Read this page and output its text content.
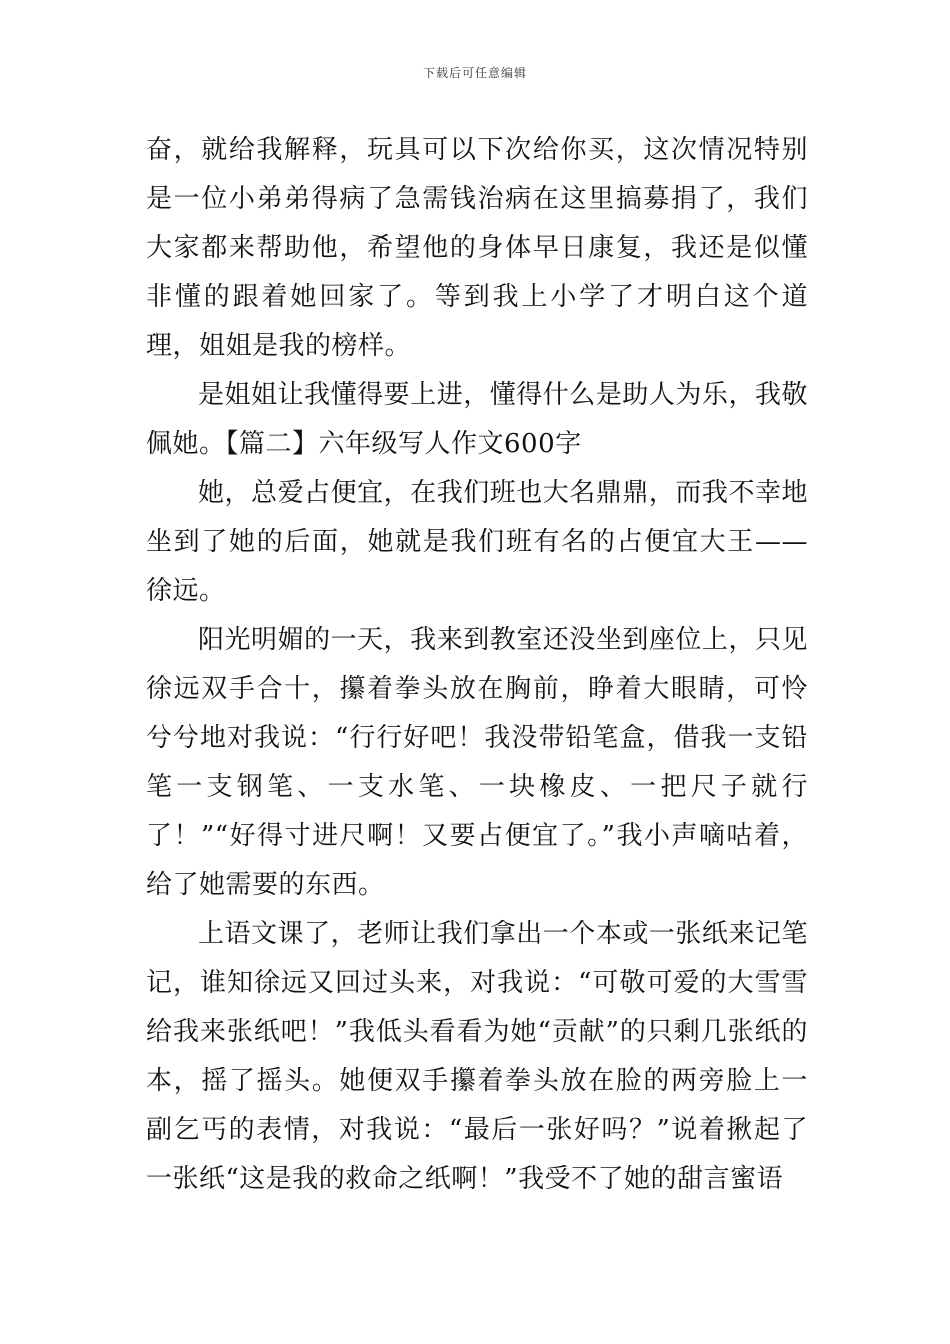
下载后可任意编辑

奋，就给我解释，玩具可以下次给你买，这次情况特别是一位小弟弟得病了急需钱治病在这里搞募捐了，我们大家都来帮助他，希望他的身体早日康复，我还是似懂非懂的跟着她回家了。等到我上小学了才明白这个道理，姐姐是我的榜样。

是姐姐让我懂得要上进，懂得什么是助人为乐，我敬佩她。【篇二】六年级写人作文600字

她，总爱占便宜，在我们班也大名鼎鼎，而我不幸地坐到了她的后面，她就是我们班有名的占便宜大王——徐远。

阳光明媚的一天，我来到教室还没坐到座位上，只见徐远双手合十，攥着拳头放在胸前，睁着大眼睛，可怜兮兮地对我说：“行行好吧！我没带铅笔盒，借我一支铅笔一支钢笔、一支水笔、一块橡皮、一把尺子就行了！”“好得寸进尺啊！又要占便宜了。”我小声嘀咕着，给了她需要的东西。

上语文课了，老师让我们拿出一个本或一张纸来记笔记，谁知徐远又回过头来，对我说：“可敬可爱的大雪雪给我来张纸吧！”我低头看看为她“贡献”的只剩几张纸的本，摇了摇头。她便双手攥着拳头放在脸的两旁脸上一副乞丐的表情，对我说：“最后一张好吗？”说着揪起了一张纸“这是我的救命之纸啊！”我受不了她的甜言蜜语
